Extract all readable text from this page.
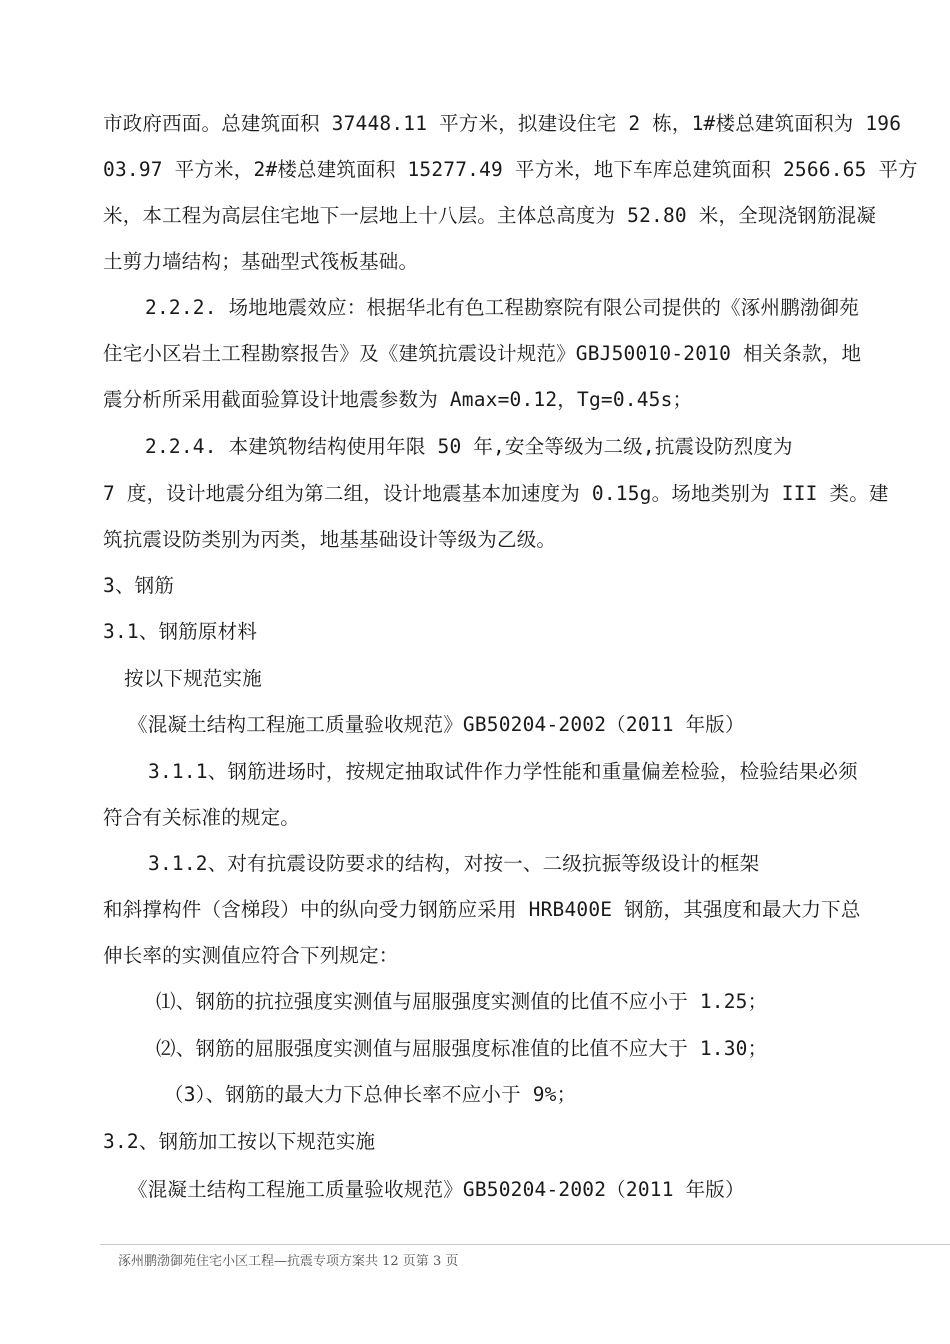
市政府西面。总建筑面积 37448.11 平方米，拟建设住宅 2 栋，1#楼总建筑面积为 196
03.97 平方米，2#楼总建筑面积 15277.49 平方米，地下车库总建筑面积 2566.65 平方
米，本工程为高层住宅地下一层地上十八层。主体总高度为 52.80 米，全现浇钢筋混凝
土剪力墙结构；基础型式筏板基础。
2.2.2. 场地地震效应：根据华北有色工程勘察院有限公司提供的《涿州鹏渤御苑
住宅小区岩土工程勘察报告》及《建筑抗震设计规范》GBJ50010-2010 相关条款，地
震分析所采用截面验算设计地震参数为 Amax=0.12，Tg=0.45s；
2.2.4. 本建筑物结构使用年限 50 年,安全等级为二级,抗震设防烈度为
7 度，设计地震分组为第二组，设计地震基本加速度为 0.15g。场地类别为 III 类。建
筑抗震设防类别为丙类，地基基础设计等级为乙级。
3、钢筋
3.1、钢筋原材料
按以下规范实施
《混凝土结构工程施工质量验收规范》GB50204-2002（2011 年版）
3.1.1、钢筋进场时，按规定抽取试件作力学性能和重量偏差检验，检验结果必须
符合有关标准的规定。
3.1.2、对有抗震设防要求的结构，对按一、二级抗振等级设计的框架
和斜撑构件（含梯段）中的纵向受力钢筋应采用 HRB400E 钢筋，其强度和最大力下总
伸长率的实测值应符合下列规定：
⑴、钢筋的抗拉强度实测值与屈服强度实测值的比值不应小于 1.25；
⑵、钢筋的屈服强度实测值与屈服强度标准值的比值不应大于 1.30；
（3）、钢筋的最大力下总伸长率不应小于 9%；
3.2、钢筋加工按以下规范实施
《混凝土结构工程施工质量验收规范》GB50204-2002（2011 年版）
涿州鹏渤御苑住宅小区工程—抗震专项方案共 12 页第 3 页
